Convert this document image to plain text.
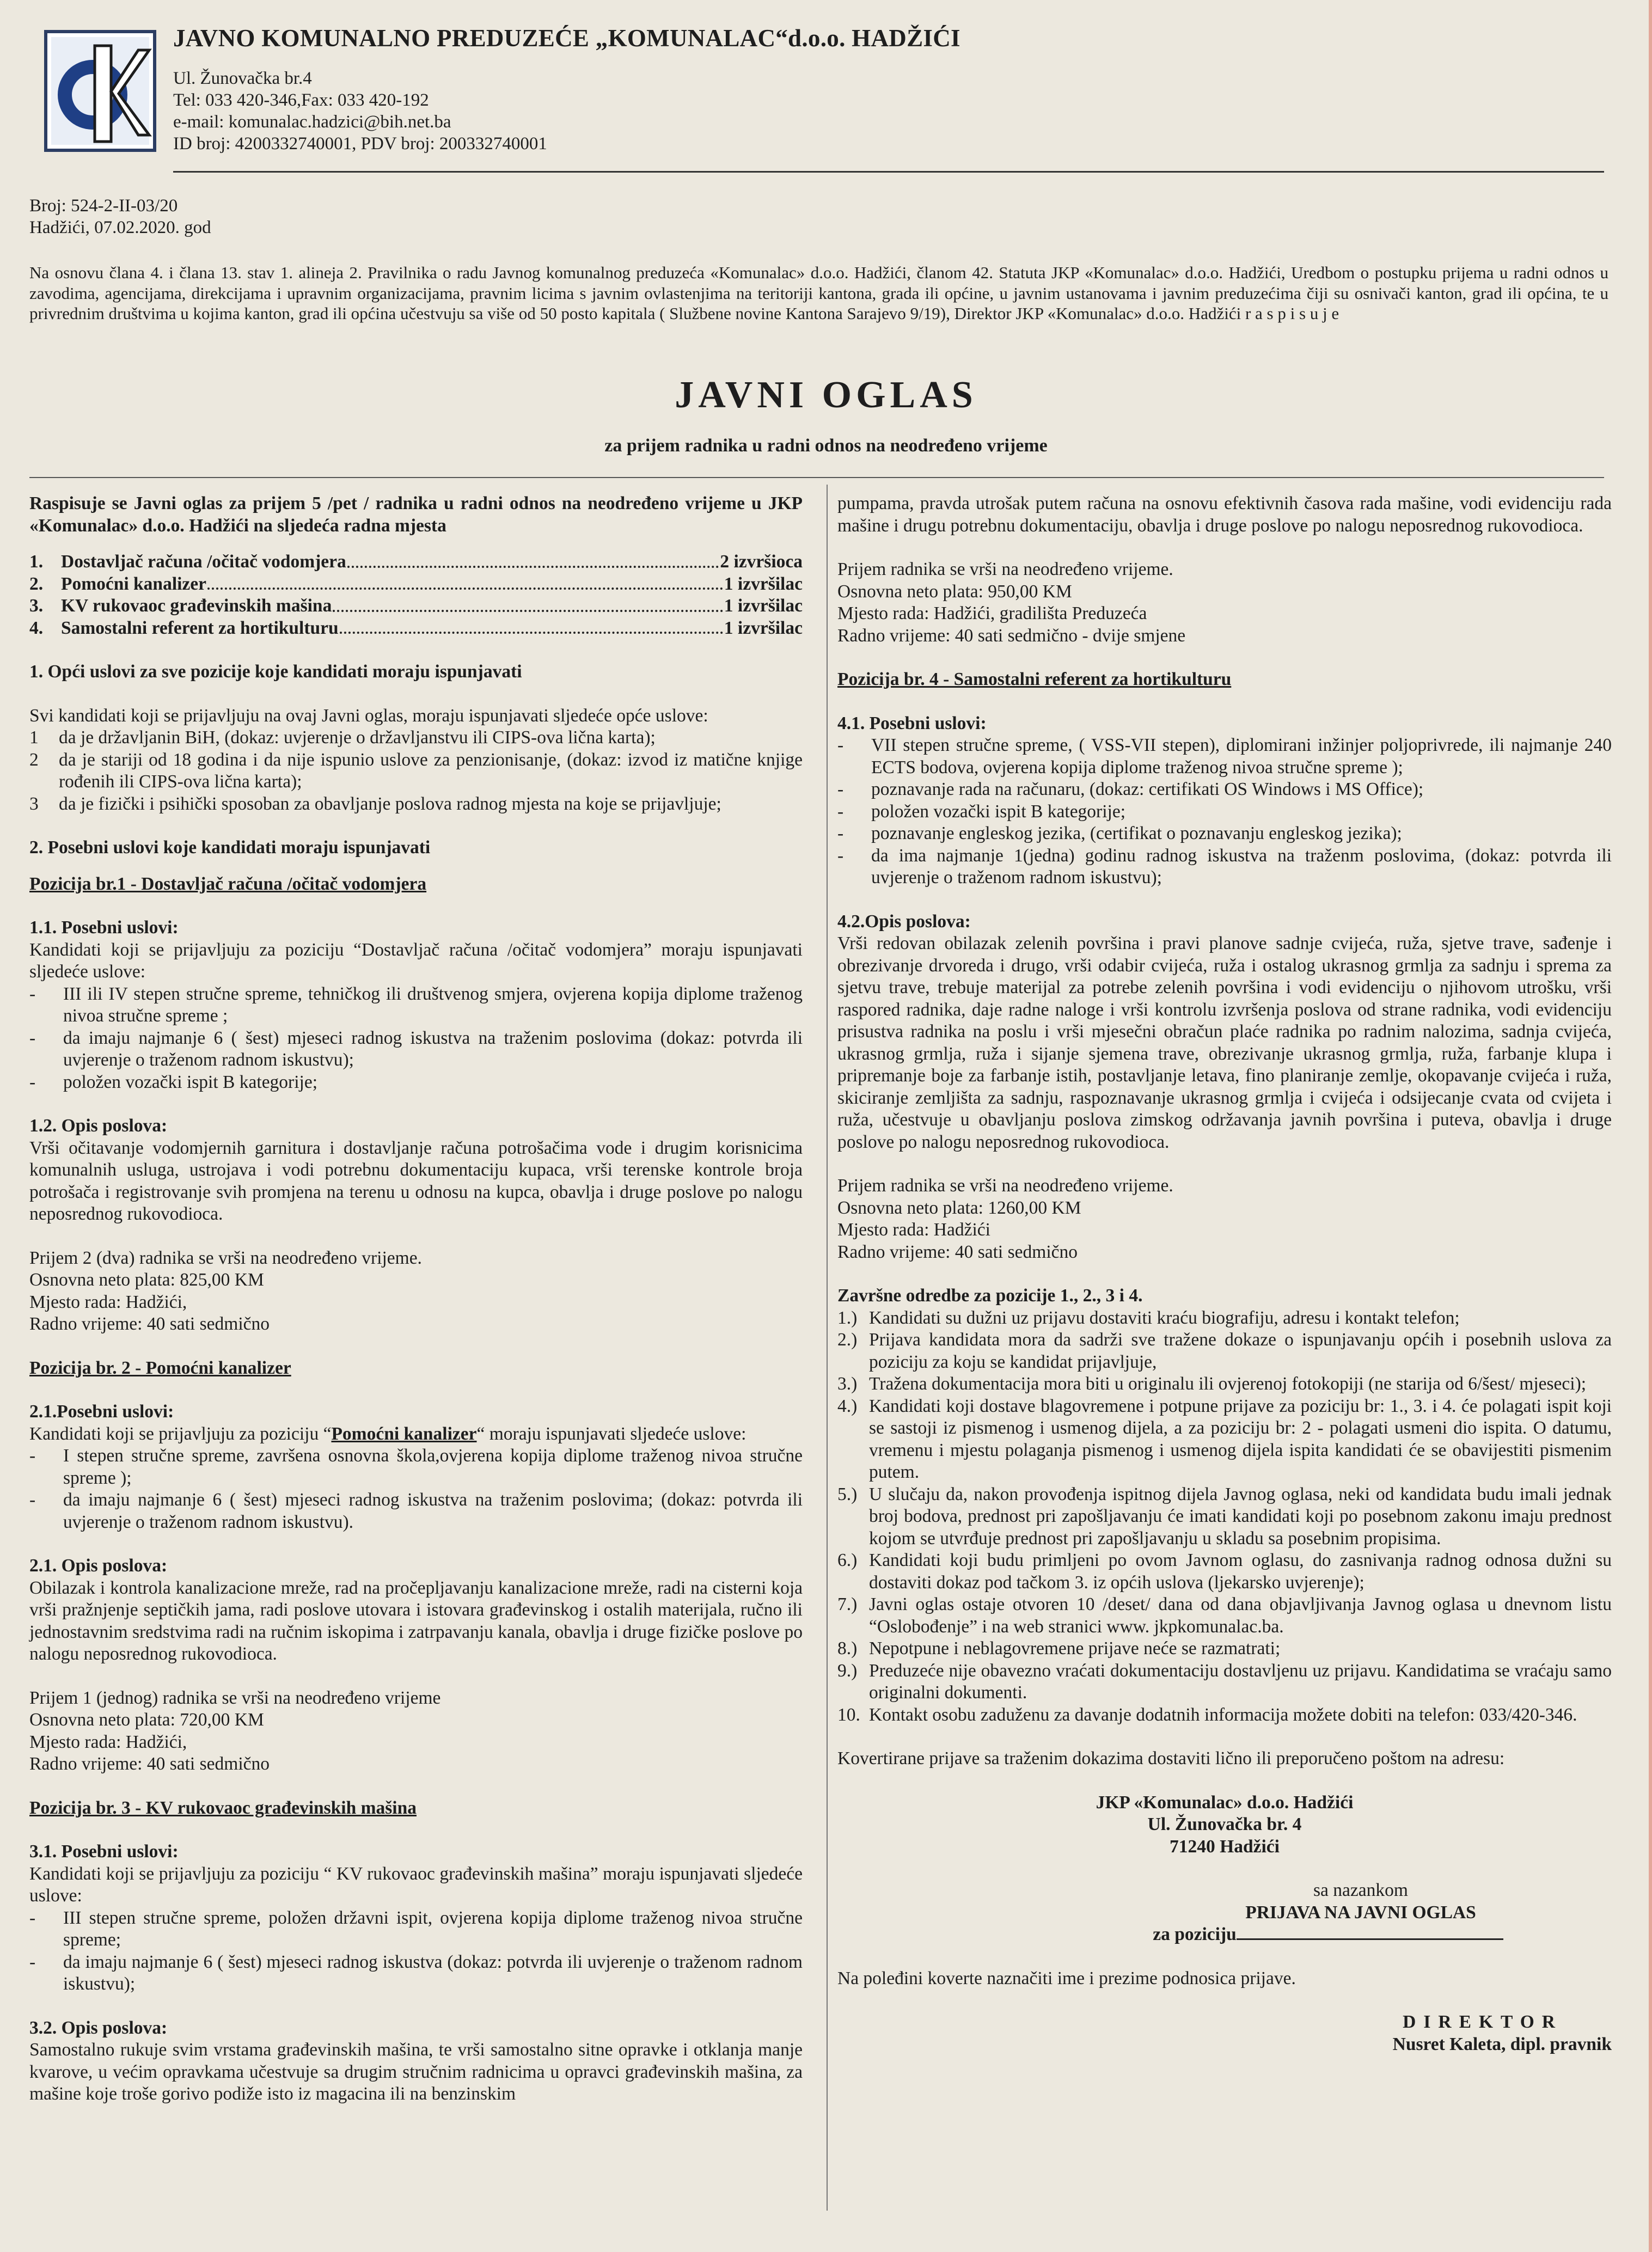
JAVNO KOMUNALNO PREDUZEĆE „KOMUNALAC“d.o.o. HADŽIĆI
Ul. Žunovačka br.4
Tel: 033 420-346,Fax: 033 420-192
e-mail: komunalac.hadzici@bih.net.ba
ID broj: 4200332740001, PDV broj: 200332740001
Broj: 524-2-II-03/20
Hadžići, 07.02.2020. god
Na osnovu člana 4. i člana 13. stav 1. alineja 2. Pravilnika o radu Javnog komunalnog preduzeća «Komunalac» d.o.o. Hadžići, članom 42. Statuta JKP «Komunalac» d.o.o. Hadžići, Uredbom o postupku prijema u radni odnos u zavodima, agencijama, direkcijama i upravnim organizacijama, pravnim licima s javnim ovlastenjima na teritoriji kantona, grada ili općine, u javnim ustanovama i javnim preduzećima čiji su osnivači kanton, grad ili općina, te u privrednim društvima u kojima kanton, grad ili općina učestvuju sa više od 50 posto kapitala ( Službene novine Kantona Sarajevo 9/19), Direktor JKP «Komunalac» d.o.o. Hadžići r a s p i s u j e
JAVNI OGLAS
za prijem radnika u radni odnos na neodređeno vrijeme

Raspisuje se Javni oglas za prijem 5 /pet / radnika u radni odnos na neodređeno vrijeme u JKP «Komunalac» d.o.o. Hadžići na sljedeća radna mjesta

1. Dostavljač računa /očitač vodomjera	2 izvršioca
2. Pomoćni kanalizer	1 izvršilac
3. KV rukovaoc građevinskih mašina	1 izvršilac
4. Samostalni referent za hortikulturu	1 izvršilac

1. Opći uslovi za sve pozicije koje kandidati moraju ispunjavati

Svi kandidati koji se prijavljuju na ovaj Javni oglas, moraju ispunjavati sljedeće opće uslove:

1	da je državljanin BiH, (dokaz: uvjerenje o državljanstvu ili CIPS-ova lična karta);
2	da je stariji od 18 godina i da nije ispunio uslove za penzionisanje, (dokaz: izvod iz matične knjige rođenih ili CIPS-ova lična karta);
3	da je fizički i psihički sposoban za obavljanje poslova radnog mjesta na koje se prijavljuje;

2. Posebni uslovi koje kandidati moraju ispunjavati

Pozicija br.1 - Dostavljač računa /očitač vodomjera

1.1. Posebni uslovi:

Kandidati koji se prijavljuju za poziciju “Dostavljač računa /očitač vodomjera” moraju ispunjavati sljedeće uslove:

-	III ili IV stepen stručne spreme, tehničkog ili društvenog smjera, ovjerena kopija diplome traženog nivoa stručne spreme ;
-	da imaju najmanje 6 ( šest) mjeseci radnog iskustva na traženim poslovima (dokaz: potvrda ili uvjerenje o traženom radnom iskustvu);
-	položen vozački ispit B kategorije;

1.2. Opis poslova:

Vrši očitavanje vodomjernih garnitura i dostavljanje računa potrošačima vode i drugim korisnicima komunalnih usluga, ustrojava i vodi potrebnu dokumentaciju kupaca, vrši terenske kontrole broja potrošača i registrovanje svih promjena na terenu u odnosu na kupca, obavlja i druge poslove po nalogu neposrednog rukovodioca.

Prijem 2 (dva) radnika se vrši na neodređeno vrijeme.

Osnovna neto plata: 825,00 KM

Mjesto rada: Hadžići,

Radno vrijeme: 40 sati sedmično

Pozicija br. 2 - Pomoćni kanalizer

2.1.Posebni uslovi:

Kandidati koji se prijavljuju za poziciju “Pomoćni kanalizer“ moraju ispunjavati sljedeće uslove:

-	I stepen stručne spreme, završena osnovna škola,ovjerena kopija diplome traženog nivoa stručne spreme );
-	da imaju najmanje 6 ( šest) mjeseci radnog iskustva na traženim poslovima; (dokaz: potvrda ili uvjerenje o traženom radnom iskustvu).

2.1. Opis poslova:

Obilazak i kontrola kanalizacione mreže, rad na pročepljavanju kanalizacione mreže, radi na cisterni koja vrši pražnjenje septičkih jama, radi poslove utovara i istovara građevinskog i ostalih materijala, ručno ili jednostavnim sredstvima radi na ručnim iskopima i zatrpavanju kanala, obavlja i druge fizičke poslove po nalogu neposrednog rukovodioca.

Prijem 1 (jednog) radnika se vrši na neodređeno vrijeme

Osnovna neto plata: 720,00 KM

Mjesto rada: Hadžići,

Radno vrijeme: 40 sati sedmično

Pozicija br. 3 - KV rukovaoc građevinskih mašina

3.1. Posebni uslovi:

Kandidati koji se prijavljuju za poziciju “ KV rukovaoc građevinskih mašina” moraju ispunjavati sljedeće uslove:

-	III stepen stručne spreme, položen državni ispit, ovjerena kopija diplome traženog nivoa stručne spreme;
-	da imaju najmanje 6 ( šest) mjeseci radnog iskustva (dokaz: potvrda ili uvjerenje o traženom radnom iskustvu);

3.2. Opis poslova:

Samostalno rukuje svim vrstama građevinskih mašina, te vrši samostalno sitne opravke i otklanja manje kvarove, u većim opravkama učestvuje sa drugim stručnim radnicima u opravci građevinskih mašina, za mašine koje troše gorivo podiže isto iz magacina ili na benzinskim

pumpama, pravda utrošak putem računa na osnovu efektivnih časova rada mašine, vodi evidenciju rada mašine i drugu potrebnu dokumentaciju, obavlja i druge poslove po nalogu neposrednog rukovodioca.

Prijem radnika se vrši na neodređeno vrijeme.

Osnovna neto plata: 950,00 KM

Mjesto rada: Hadžići, gradilišta Preduzeća

Radno vrijeme: 40 sati sedmično - dvije smjene

Pozicija br. 4 - Samostalni referent za hortikulturu

4.1. Posebni uslovi:

-	VII stepen stručne spreme, ( VSS-VII stepen), diplomirani inžinjer poljoprivrede, ili najmanje 240 ECTS bodova, ovjerena kopija diplome traženog nivoa stručne spreme );
-	poznavanje rada na računaru, (dokaz: certifikati OS Windows i MS Office);
-	položen vozački ispit B kategorije;
-	poznavanje engleskog jezika, (certifikat o poznavanju engleskog jezika);
-	da ima najmanje 1(jedna) godinu radnog iskustva na traženm poslovima, (dokaz: potvrda ili uvjerenje o traženom radnom iskustvu);

4.2.Opis poslova:

Vrši redovan obilazak zelenih površina i pravi planove sadnje cvijeća, ruža, sjetve trave, sađenje i obrezivanje drvoreda i drugo, vrši odabir cvijeća, ruža i ostalog ukrasnog grmlja za sadnju i sprema za sjetvu trave, trebuje materijal za potrebe zelenih površina i vodi evidenciju o njihovom utrošku, vrši raspored radnika, daje radne naloge i vrši kontrolu izvršenja poslova od strane radnika, vodi evidenciju prisustva radnika na poslu i vrši mjesečni obračun plaće radnika po radnim nalozima, sadnja cvijeća, ukrasnog grmlja, ruža i sijanje sjemena trave, obrezivanje ukrasnog grmlja, ruža, farbanje klupa i pripremanje boje za farbanje istih, postavljanje letava, fino planiranje zemlje, okopavanje cvijeća i ruža, skiciranje zemljišta za sadnju, raspoznavanje ukrasnog grmlja i cvijeća i odsijecanje cvata od cvijeta i ruža, učestvuje u obavljanju poslova zimskog održavanja javnih površina i puteva, obavlja i druge poslove po nalogu neposrednog rukovodioca.

Prijem radnika se vrši na neodređeno vrijeme.

Osnovna neto plata: 1260,00 KM

Mjesto rada: Hadžići

Radno vrijeme: 40 sati sedmično

Završne odredbe za pozicije 1., 2., 3 i 4.

1.) Kandidati su dužni uz prijavu dostaviti kraću biografiju, adresu i kontakt telefon;
2.) Prijava kandidata mora da sadrži sve tražene dokaze o ispunjavanju općih i posebnih uslova za poziciju za koju se kandidat prijavljuje,
3.) Tražena dokumentacija mora biti u originalu ili ovjerenoj fotokopiji (ne starija od 6/šest/ mjeseci);
4.) Kandidati koji dostave blagovremene i potpune prijave za poziciju br: 1., 3. i 4. će polagati ispit koji se sastoji iz pismenog i usmenog dijela, a za poziciju br: 2 - polagati usmeni dio ispita. O datumu, vremenu i mjestu polaganja pismenog i usmenog dijela ispita kandidati će se obavijestiti pismenim putem.
5.) U slučaju da, nakon provođenja ispitnog dijela Javnog oglasa, neki od kandidata budu imali jednak broj bodova, prednost pri zapošljavanju će imati kandidati koji po posebnom zakonu imaju prednost kojom se utvrđuje prednost pri zapošljavanju u skladu sa posebnim propisima.
6.) Kandidati koji budu primljeni po ovom Javnom oglasu, do zasnivanja radnog odnosa dužni su dostaviti dokaz pod tačkom 3. iz općih uslova (ljekarsko uvjerenje);
7.) Javni oglas ostaje otvoren 10 /deset/ dana od dana objavljivanja Javnog oglasa u dnevnom listu “Oslobođenje” i na web stranici www. jkpkomunalac.ba.
8.) Nepotpune i neblagovremene prijave neće se razmatrati;
9.) Preduzeće nije obavezno vraćati dokumentaciju dostavljenu uz prijavu. Kandidatima se vraćaju samo originalni dokumenti.
10. Kontakt osobu zaduženu za davanje dodatnih informacija možete dobiti na telefon: 033/420-346.

Kovertirane prijave sa traženim dokazima dostaviti lično ili preporučeno poštom na adresu:

JKP «Komunalac» d.o.o. Hadžići
Ul. Žunovačka br. 4
71240 Hadžići
sa nazankom
PRIJAVA NA JAVNI OGLAS
za poziciju

Na poleđini koverte naznačiti ime i prezime podnosica prijave.

DIREKTOR
Nusret Kaleta, dipl. pravnik
